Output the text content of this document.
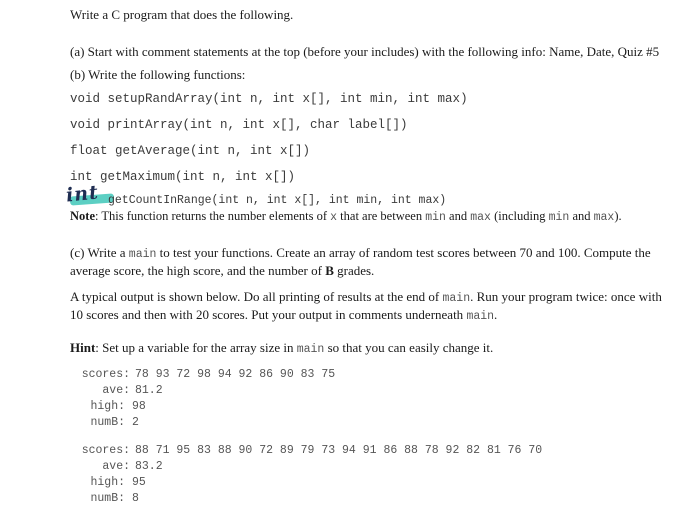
Write a C program that does the following.
(a) Start with comment statements at the top (before your includes) with the following info: Name, Date, Quiz #5
(b) Write the following functions:
void setupRandArray(int n, int x[], int min, int max)
void printArray(int n, int x[], char label[])
float getAverage(int n, int x[])
int getMaximum(int n, int x[])
int getCountInRange(int n, int x[], int min, int max)
Note: This function returns the number elements of x that are between min and max (including min and max).
(c) Write a main to test your functions. Create an array of random test scores between 70 and 100. Compute the average score, the high score, and the number of B grades.
A typical output is shown below. Do all printing of results at the end of main. Run your program twice: once with 10 scores and then with 20 scores. Put your output in comments underneath main.
Hint: Set up a variable for the array size in main so that you can easily change it.
scores: 78 93 72 98 94 92 86 90 83 75
ave: 81.2
high: 98
numB: 2
scores: 88 71 95 83 88 90 72 89 79 73 94 91 86 88 78 92 82 81 76 70
ave: 83.2
high: 95
numB: 8
